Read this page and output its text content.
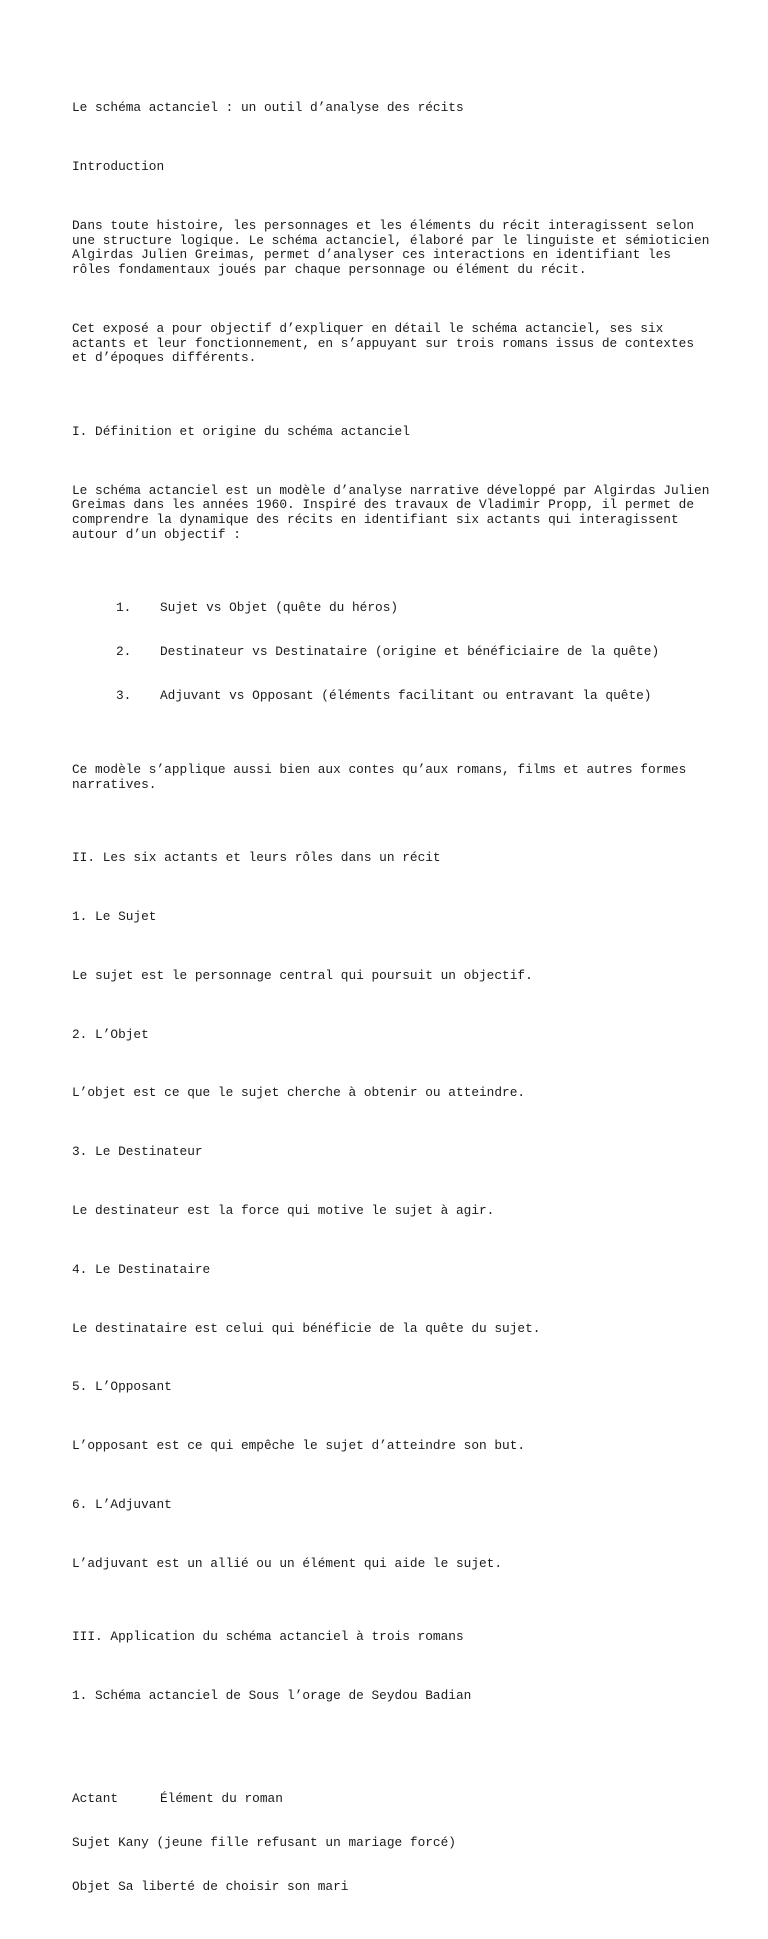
Le schéma actanciel : un outil d’analyse des récits

Introduction

Dans toute histoire, les personnages et les éléments du récit interagissent selon une structure logique. Le schéma actanciel, élaboré par le linguiste et sémioticien Algirdas Julien Greimas, permet d’analyser ces interactions en identifiant les rôles fondamentaux joués par chaque personnage ou élément du récit.

Cet exposé a pour objectif d’expliquer en détail le schéma actanciel, ses six actants et leur fonctionnement, en s’appuyant sur trois romans issus de contextes et d’époques différents.

I. Définition et origine du schéma actanciel

Le schéma actanciel est un modèle d’analyse narrative développé par Algirdas Julien Greimas dans les années 1960. Inspiré des travaux de Vladimir Propp, il permet de comprendre la dynamique des récits en identifiant six actants qui interagissent autour d’un objectif :

1. Sujet vs Objet (quête du héros)

2. Destinateur vs Destinataire (origine et bénéficiaire de la quête)

3. Adjuvant vs Opposant (éléments facilitant ou entravant la quête)

Ce modèle s’applique aussi bien aux contes qu’aux romans, films et autres formes narratives.

II. Les six actants et leurs rôles dans un récit

1. Le Sujet

Le sujet est le personnage central qui poursuit un objectif.

2. L’Objet

L’objet est ce que le sujet cherche à obtenir ou atteindre.

3. Le Destinateur

Le destinateur est la force qui motive le sujet à agir.

4. Le Destinataire

Le destinataire est celui qui bénéficie de la quête du sujet.

5. L’Opposant

L’opposant est ce qui empêche le sujet d’atteindre son but.

6. L’Adjuvant

L’adjuvant est un allié ou un élément qui aide le sujet.

III. Application du schéma actanciel à trois romans

1. Schéma actanciel de Sous l’orage de Seydou Badian

Actant	Élément du roman

Sujet Kany (jeune fille refusant un mariage forcé)

Objet Sa liberté de choisir son mari
